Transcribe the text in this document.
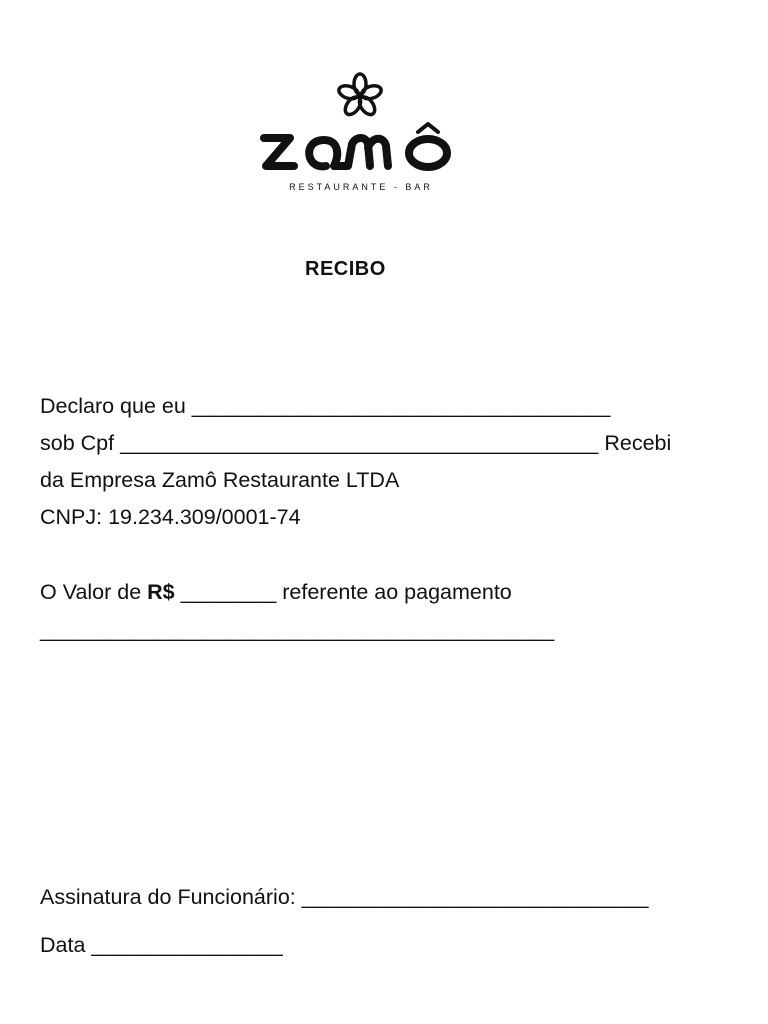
RESTAURANTE - BAR
RECIBO
Declaro que eu ___________________________________
sob Cpf ________________________________________ Recebi
da Empresa Zamô Restaurante LTDA
CNPJ: 19.234.309/0001-74
O Valor de R$ ________ referente ao pagamento
___________________________________________
Assinatura do Funcionário: _____________________________
Data ________________
